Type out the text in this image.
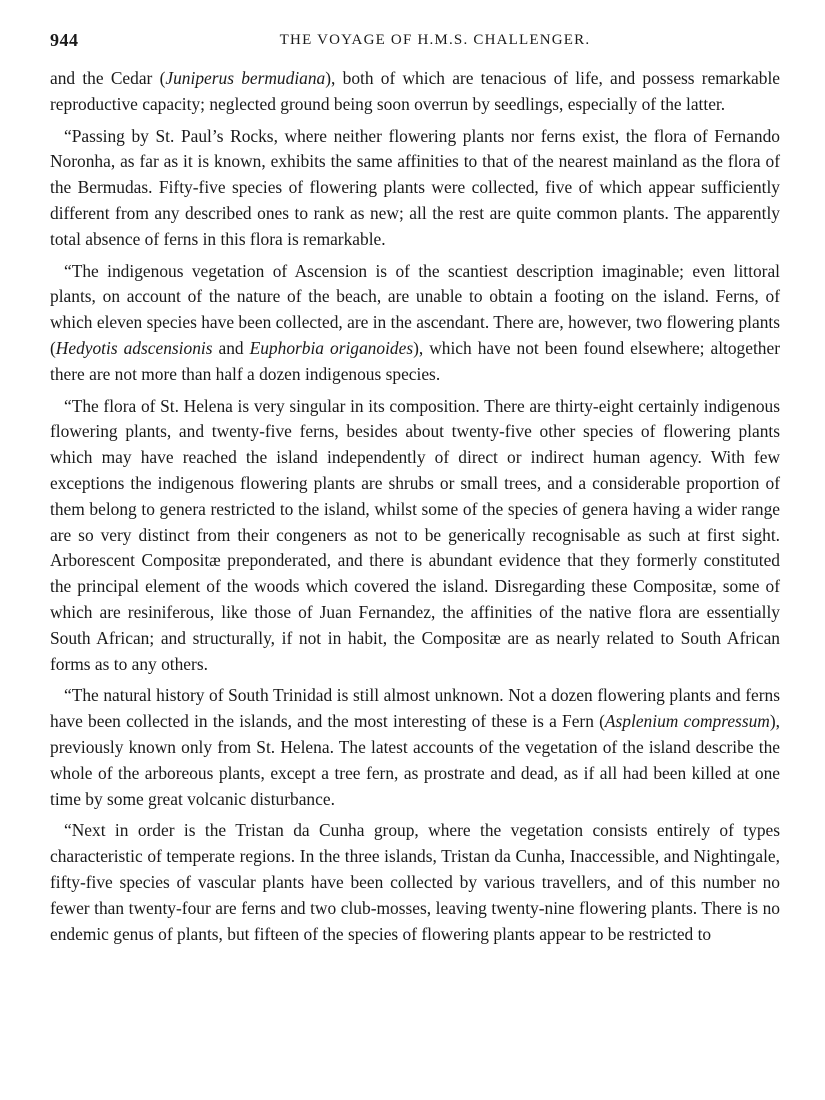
944	THE VOYAGE OF H.M.S. CHALLENGER.

and the Cedar (Juniperus bermudiana), both of which are tenacious of life, and possess remarkable reproductive capacity; neglected ground being soon overrun by seedlings, especially of the latter.

“Passing by St. Paul’s Rocks, where neither flowering plants nor ferns exist, the flora of Fernando Noronha, as far as it is known, exhibits the same affinities to that of the nearest mainland as the flora of the Bermudas. Fifty-five species of flowering plants were collected, five of which appear sufficiently different from any described ones to rank as new; all the rest are quite common plants. The apparently total absence of ferns in this flora is remarkable.

“The indigenous vegetation of Ascension is of the scantiest description imaginable; even littoral plants, on account of the nature of the beach, are unable to obtain a footing on the island. Ferns, of which eleven species have been collected, are in the ascendant. There are, however, two flowering plants (Hedyotis adscensionis and Euphorbia origanoides), which have not been found elsewhere; altogether there are not more than half a dozen indigenous species.

“The flora of St. Helena is very singular in its composition. There are thirty-eight certainly indigenous flowering plants, and twenty-five ferns, besides about twenty-five other species of flowering plants which may have reached the island independently of direct or indirect human agency. With few exceptions the indigenous flowering plants are shrubs or small trees, and a considerable proportion of them belong to genera restricted to the island, whilst some of the species of genera having a wider range are so very distinct from their congeners as not to be generically recognisable as such at first sight. Arborescent Compositæ preponderated, and there is abundant evidence that they formerly constituted the principal element of the woods which covered the island. Disregarding these Compositæ, some of which are resiniferous, like those of Juan Fernandez, the affinities of the native flora are essentially South African; and structurally, if not in habit, the Compositæ are as nearly related to South African forms as to any others.

“The natural history of South Trinidad is still almost unknown. Not a dozen flowering plants and ferns have been collected in the islands, and the most interesting of these is a Fern (Asplenium compressum), previously known only from St. Helena. The latest accounts of the vegetation of the island describe the whole of the arboreous plants, except a tree fern, as prostrate and dead, as if all had been killed at one time by some great volcanic disturbance.

“Next in order is the Tristan da Cunha group, where the vegetation consists entirely of types characteristic of temperate regions. In the three islands, Tristan da Cunha, Inaccessible, and Nightingale, fifty-five species of vascular plants have been collected by various travellers, and of this number no fewer than twenty-four are ferns and two club-mosses, leaving twenty-nine flowering plants. There is no endemic genus of plants, but fifteen of the species of flowering plants appear to be restricted to
